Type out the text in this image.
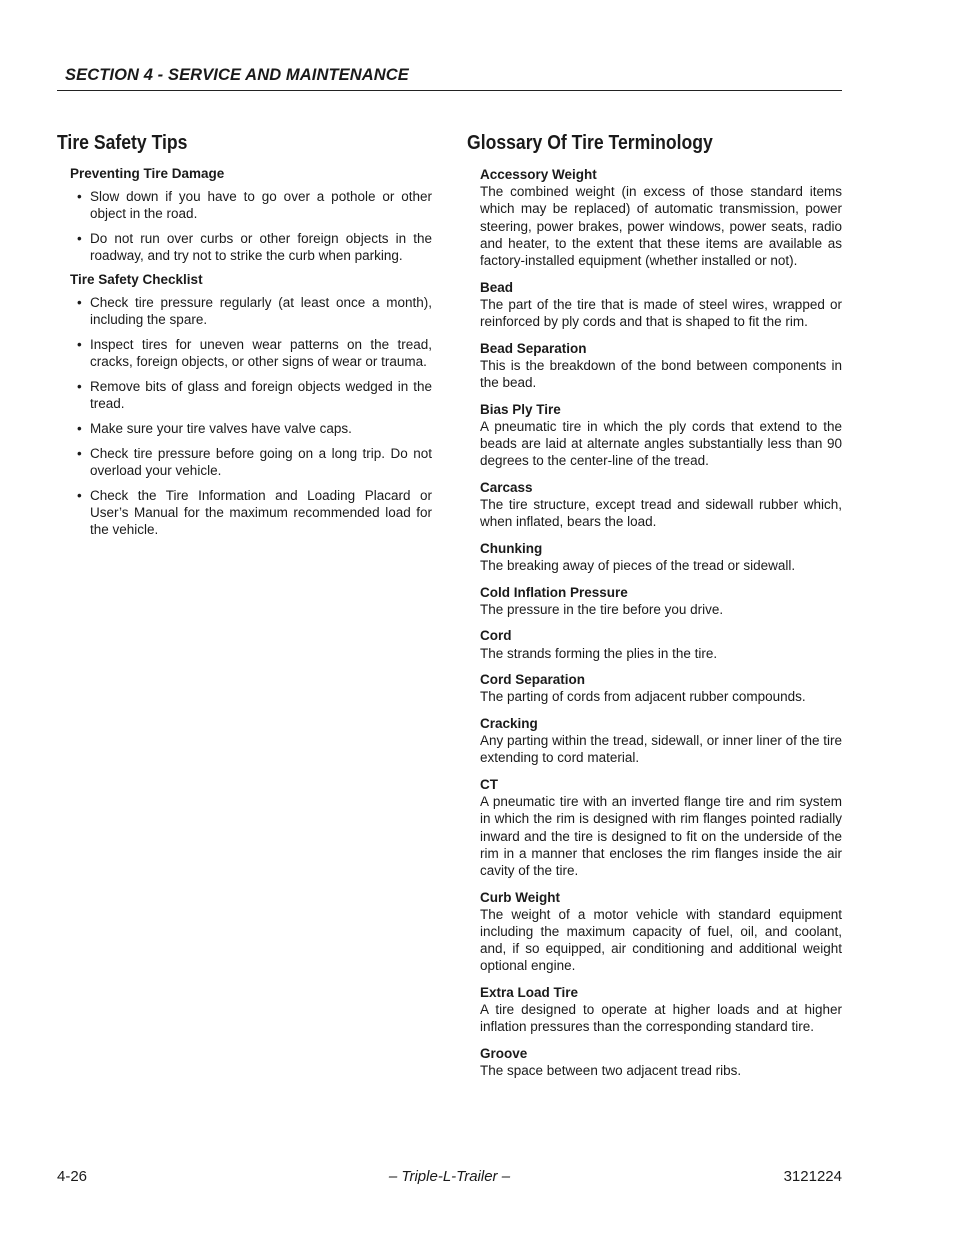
SECTION 4 - SERVICE AND MAINTENANCE
Tire Safety Tips
Preventing Tire Damage
• Slow down if you have to go over a pothole or other object in the road.
• Do not run over curbs or other foreign objects in the roadway, and try not to strike the curb when parking.
Tire Safety Checklist
• Check tire pressure regularly (at least once a month), including the spare.
• Inspect tires for uneven wear patterns on the tread, cracks, foreign objects, or other signs of wear or trauma.
• Remove bits of glass and foreign objects wedged in the tread.
• Make sure your tire valves have valve caps.
• Check tire pressure before going on a long trip. Do not overload your vehicle.
• Check the Tire Information and Loading Placard or User’s Manual for the maximum recommended load for the vehicle.
Glossary Of Tire Terminology
Accessory Weight
The combined weight (in excess of those standard items which may be replaced) of automatic transmission, power steering, power brakes, power windows, power seats, radio and heater, to the extent that these items are available as factory-installed equipment (whether installed or not).
Bead
The part of the tire that is made of steel wires, wrapped or reinforced by ply cords and that is shaped to fit the rim.
Bead Separation
This is the breakdown of the bond between components in the bead.
Bias Ply Tire
A pneumatic tire in which the ply cords that extend to the beads are laid at alternate angles substantially less than 90 degrees to the center-line of the tread.
Carcass
The tire structure, except tread and sidewall rubber which, when inflated, bears the load.
Chunking
The breaking away of pieces of the tread or sidewall.
Cold Inflation Pressure
The pressure in the tire before you drive.
Cord
The strands forming the plies in the tire.
Cord Separation
The parting of cords from adjacent rubber compounds.
Cracking
Any parting within the tread, sidewall, or inner liner of the tire extending to cord material.
CT
A pneumatic tire with an inverted flange tire and rim system in which the rim is designed with rim flanges pointed radially inward and the tire is designed to fit on the underside of the rim in a manner that encloses the rim flanges inside the air cavity of the tire.
Curb Weight
The weight of a motor vehicle with standard equipment including the maximum capacity of fuel, oil, and coolant, and, if so equipped, air conditioning and additional weight optional engine.
Extra Load Tire
A tire designed to operate at higher loads and at higher inflation pressures than the corresponding standard tire.
Groove
The space between two adjacent tread ribs.
4-26	– Triple-L-Trailer –	3121224
